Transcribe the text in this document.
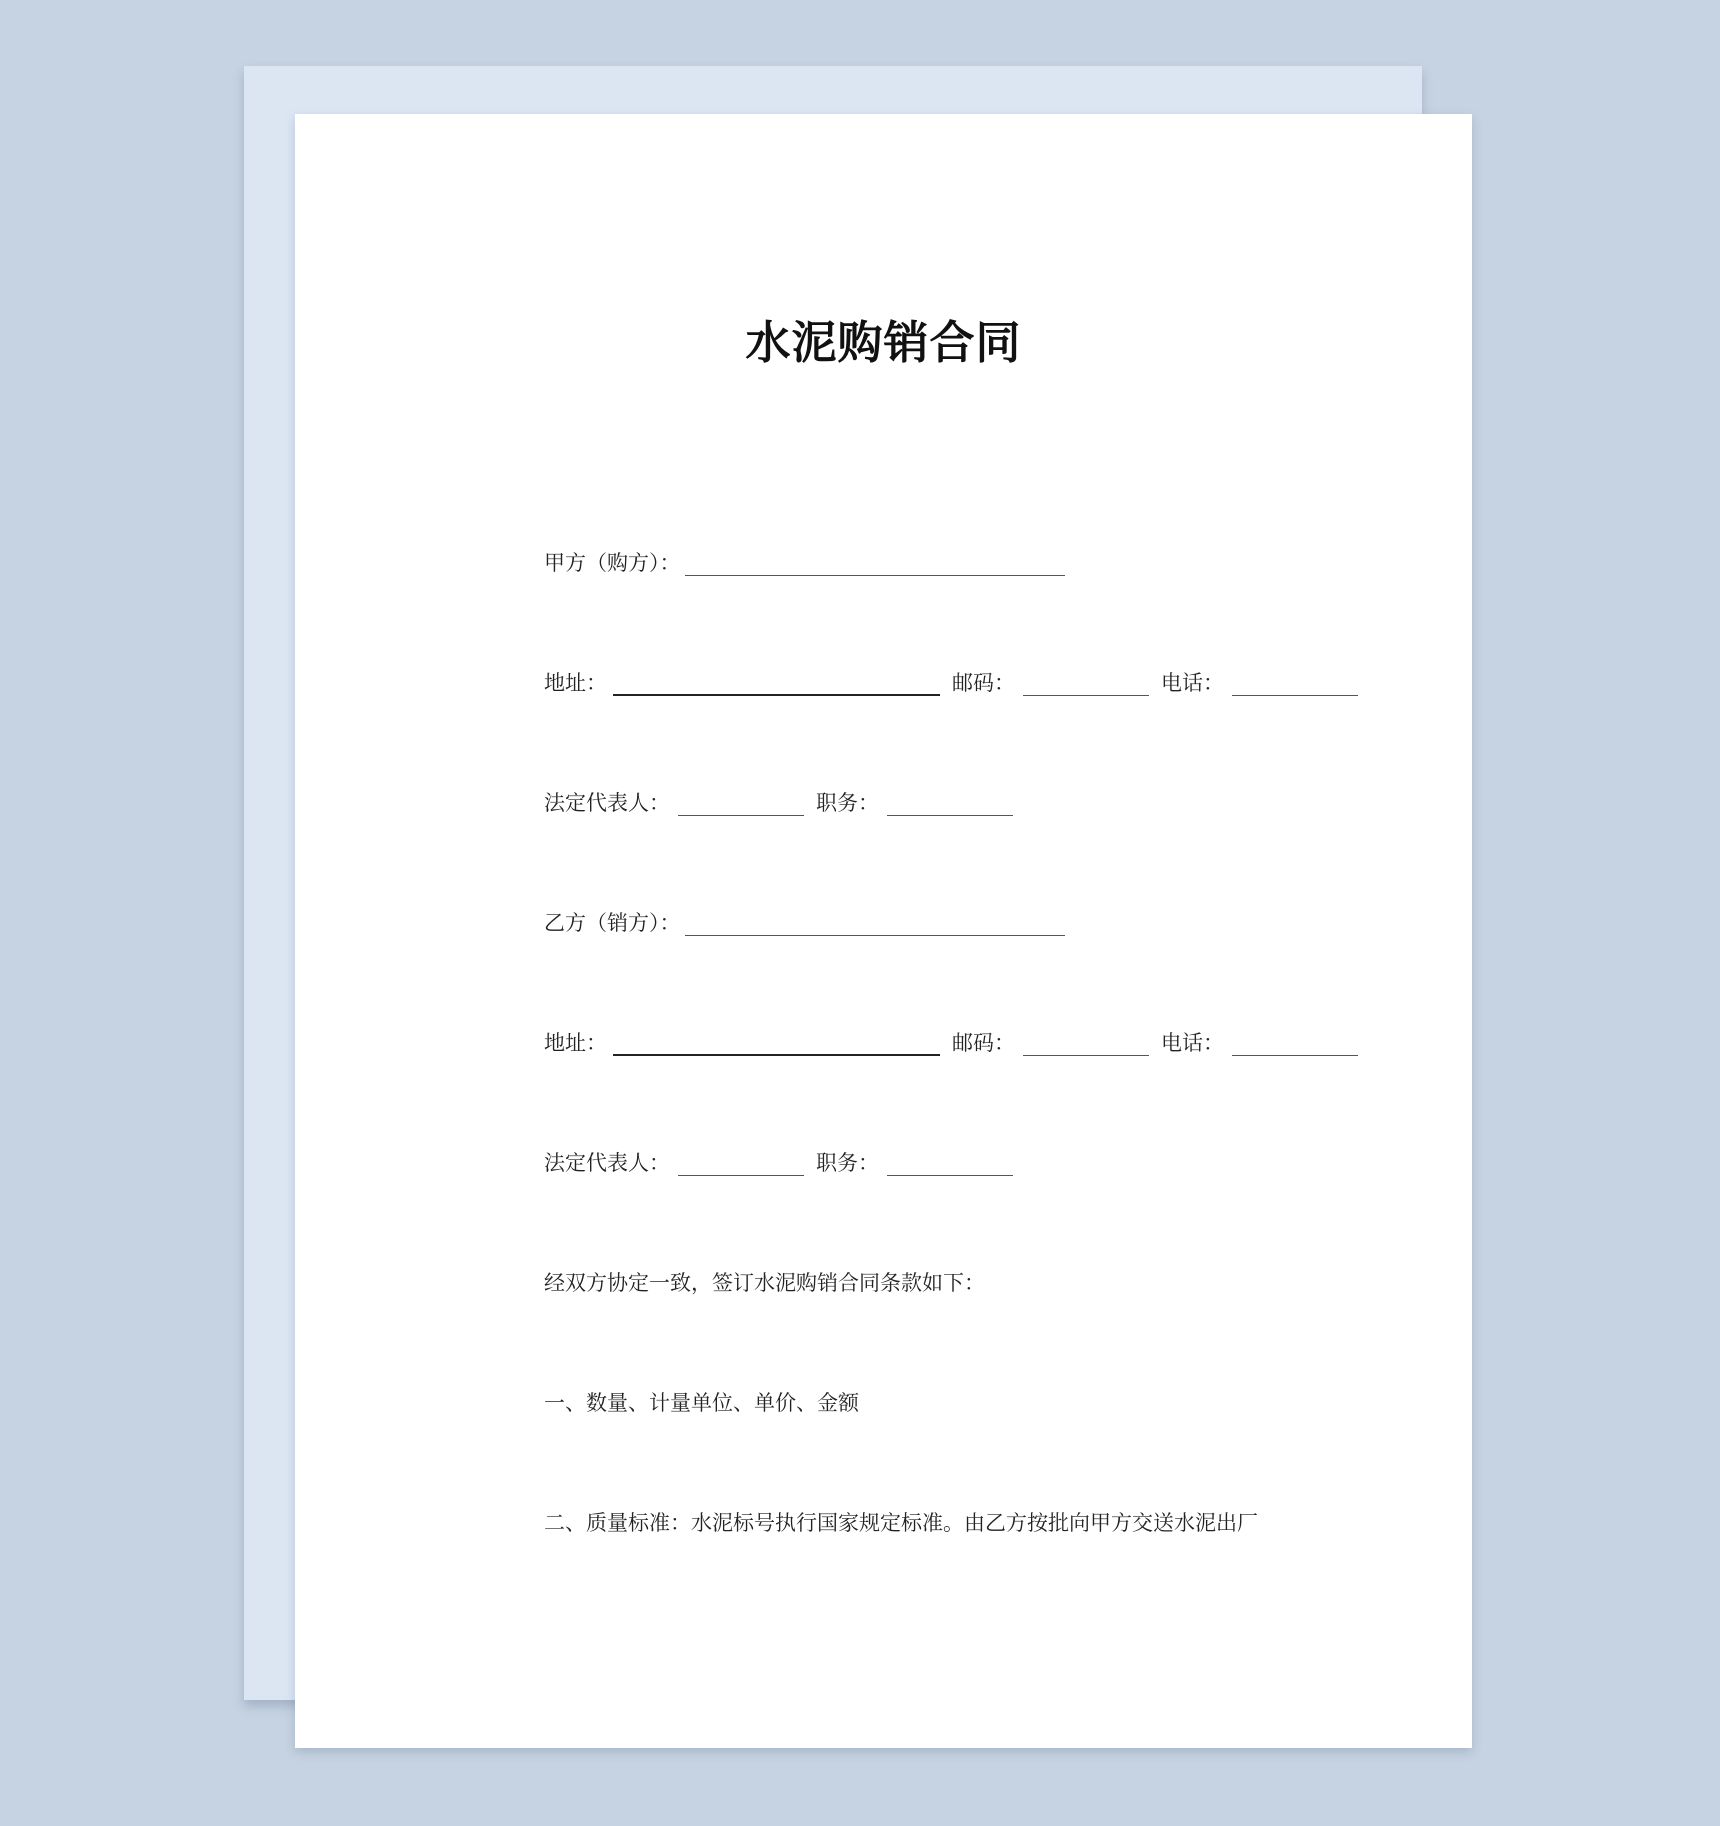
水泥购销合同
甲方（购方）：
地址：	邮码：	电话：
法定代表人：	职务：
乙方（销方）：
地址：	邮码：	电话：
法定代表人：	职务：
经双方协定一致，签订水泥购销合同条款如下：
一、数量、计量单位、单价、金额
二、质量标准：水泥标号执行国家规定标准。由乙方按批向甲方交送水泥出厂
